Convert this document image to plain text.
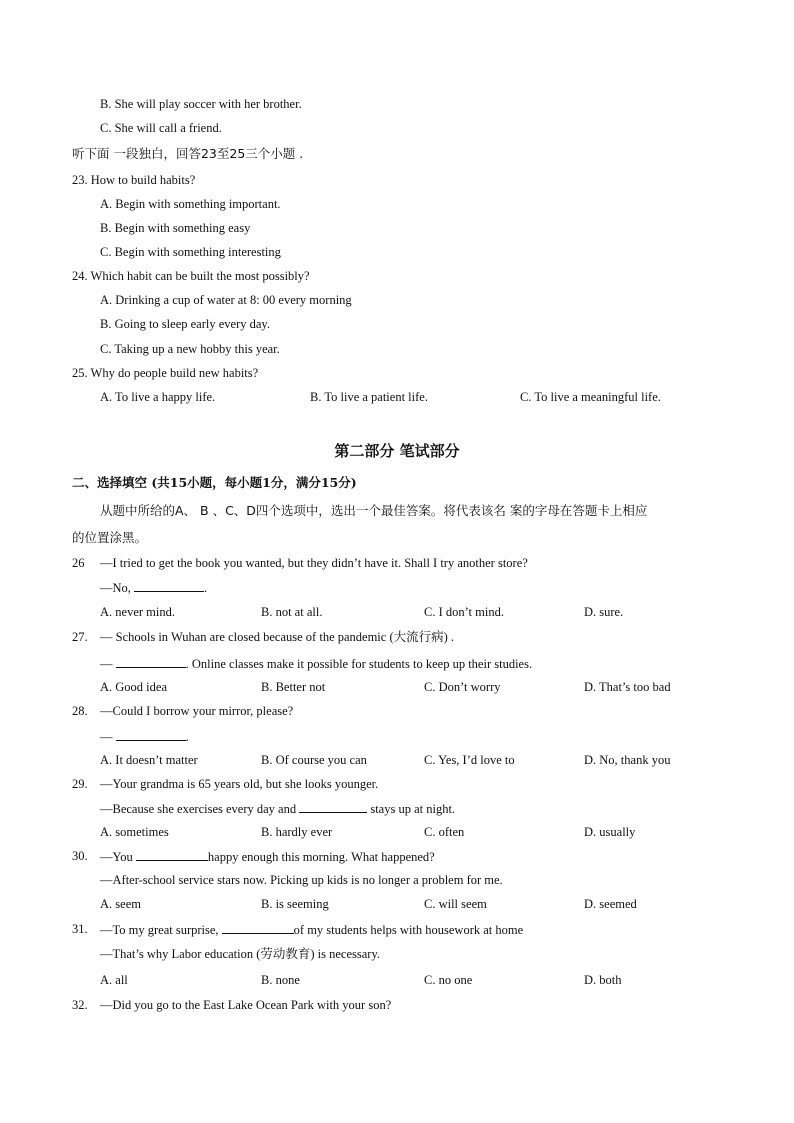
B. She will play soccer with her brother.
C. She will call a friend.
听下面 一段独白，回答23至25三个小题 .
23. How to build habits?
A. Begin with something important.
B. Begin with something easy
C. Begin with something interesting
24. Which habit can be built the most possibly?
A. Drinking a cup of water at 8: 00 every morning
B. Going to sleep early every day.
C. Taking up a new hobby this year.
25. Why do people build new habits?
A. To live a happy life.	B. To live a patient life.	C. To live a meaningful life.
第二部分 笔试部分
二、选择填空 (共15小题，每小题1分，满分15分)
从题中所给的A、 B 、C、D四个选项中，选出一个最佳答案。将代表该名 案的字母在答题卡上相应
的位置涂黑。
26 —I tried to get the book you wanted, but they didn’t have it. Shall I try another store?
—No,	.
A. never mind.	B. not at all.	C. I don’t mind.	D. sure.
27. — Schools in Wuhan are closed because of the pandemic (大流行病) .
—	. Online classes make it possible for students to keep up their studies.
A. Good idea	B. Better not	C. Don’t worry	D. That’s too bad
28. —Could I borrow your mirror, please?
—	.
A. It doesn’t matter	B. Of course you can	C. Yes, I’d love to	D. No, thank you
29. —Your grandma is 65 years old, but she looks younger.
—Because she exercises every day and	stays up at night.
A. sometimes	B. hardly ever	C. often	D. usually
30. —You	happy enough this morning. What happened?
—After-school service stars now. Picking up kids is no longer a problem for me.
A. seem	B. is seeming	C. will seem	D. seemed
31. —To my great surprise,	of my students helps with housework at home
—That’s why Labor education (劳动教育) is necessary.
A. all	B. none	C. no one	D. both
32. —Did you go to the East Lake Ocean Park with your son?
